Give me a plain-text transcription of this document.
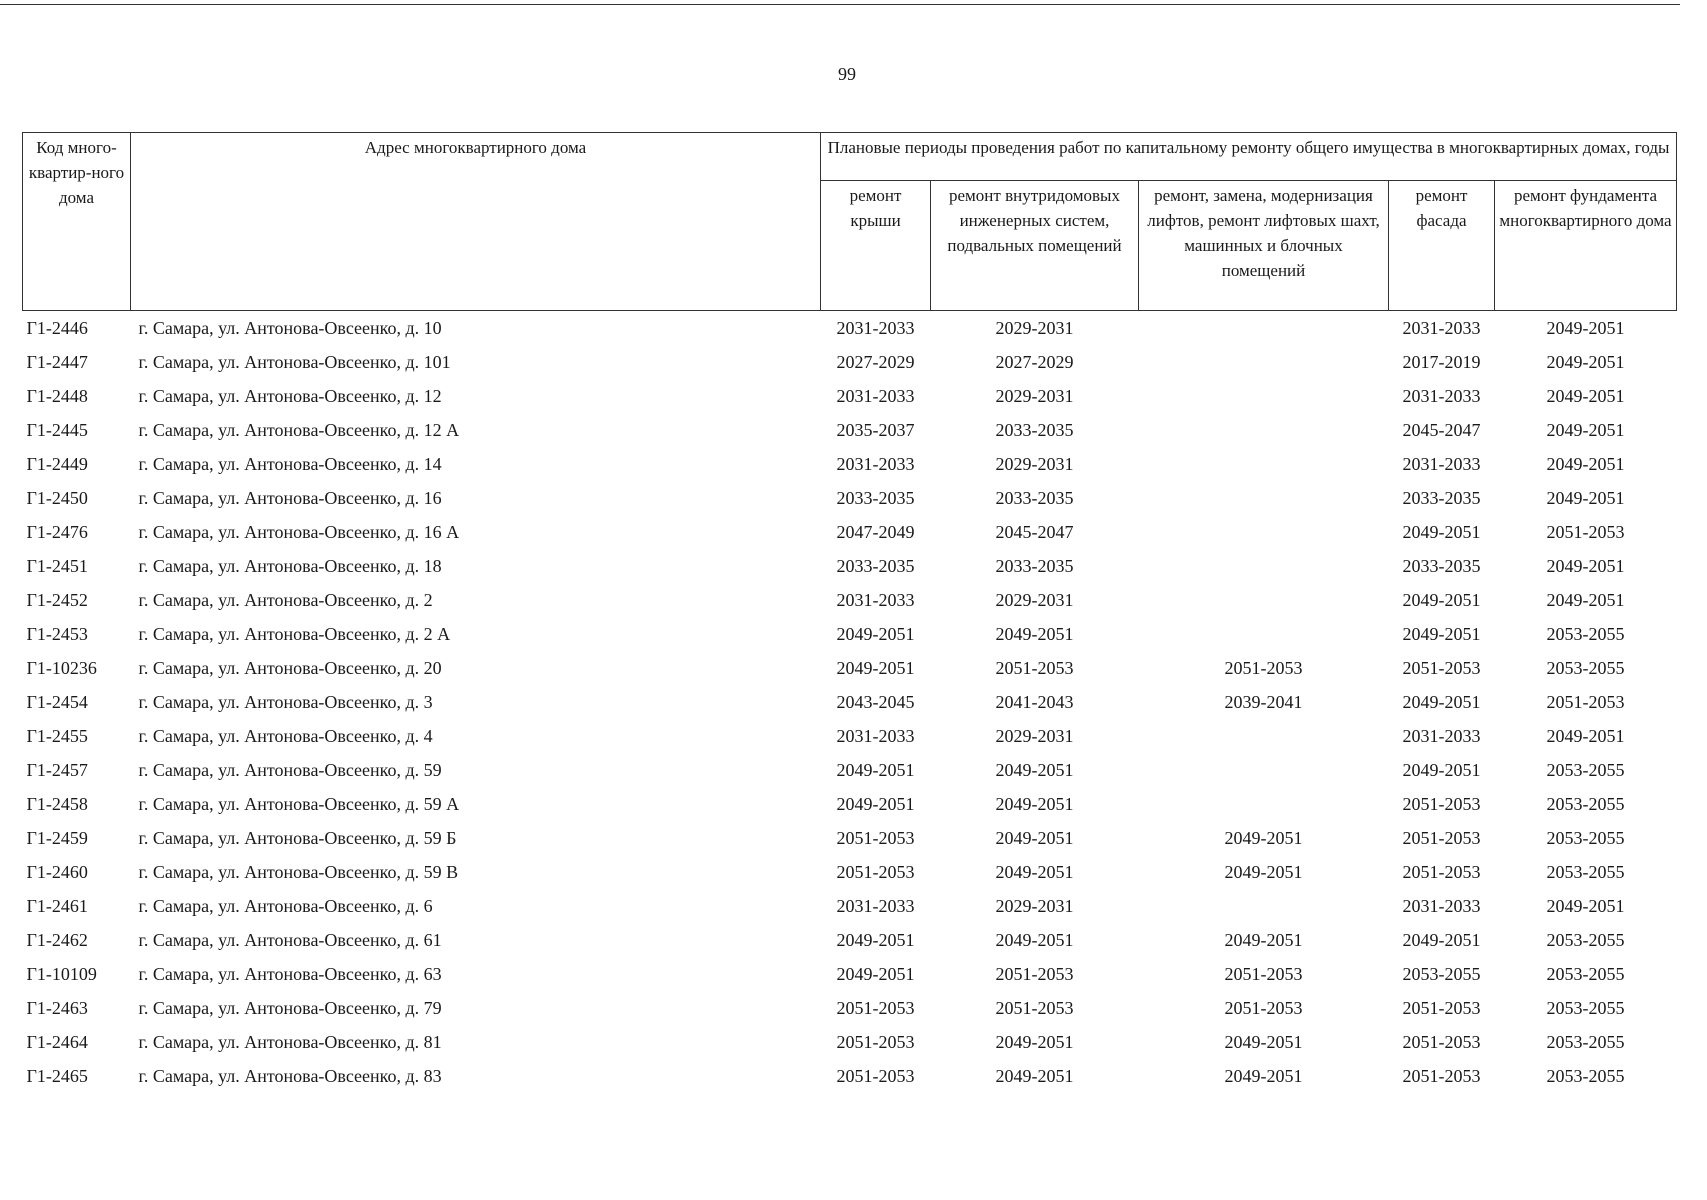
99
Код много-квартир-ного дома	Адрес многоквартирного дома	Плановые периоды проведения работ по капитальному ремонту общего имущества в многоквартирных домах, годы				
		ремонт крыши	ремонт внутридомовых инженерных систем, подвальных помещений	ремонт, замена, модернизация лифтов, ремонт лифтовых шахт, машинных и блочных помещений	ремонт фасада	ремонт фундамента многоквартирного дома
Г1-2446	г. Самара, ул. Антонова-Овсеенко, д. 10	2031-2033	2029-2031		2031-2033	2049-2051
Г1-2447	г. Самара, ул. Антонова-Овсеенко, д. 101	2027-2029	2027-2029		2017-2019	2049-2051
Г1-2448	г. Самара, ул. Антонова-Овсеенко, д. 12	2031-2033	2029-2031		2031-2033	2049-2051
Г1-2445	г. Самара, ул. Антонова-Овсеенко, д. 12 А	2035-2037	2033-2035		2045-2047	2049-2051
Г1-2449	г. Самара, ул. Антонова-Овсеенко, д. 14	2031-2033	2029-2031		2031-2033	2049-2051
Г1-2450	г. Самара, ул. Антонова-Овсеенко, д. 16	2033-2035	2033-2035		2033-2035	2049-2051
Г1-2476	г. Самара, ул. Антонова-Овсеенко, д. 16 А	2047-2049	2045-2047		2049-2051	2051-2053
Г1-2451	г. Самара, ул. Антонова-Овсеенко, д. 18	2033-2035	2033-2035		2033-2035	2049-2051
Г1-2452	г. Самара, ул. Антонова-Овсеенко, д. 2	2031-2033	2029-2031		2049-2051	2049-2051
Г1-2453	г. Самара, ул. Антонова-Овсеенко, д. 2 А	2049-2051	2049-2051		2049-2051	2053-2055
Г1-10236	г. Самара, ул. Антонова-Овсеенко, д. 20	2049-2051	2051-2053	2051-2053	2051-2053	2053-2055
Г1-2454	г. Самара, ул. Антонова-Овсеенко, д. 3	2043-2045	2041-2043	2039-2041	2049-2051	2051-2053
Г1-2455	г. Самара, ул. Антонова-Овсеенко, д. 4	2031-2033	2029-2031		2031-2033	2049-2051
Г1-2457	г. Самара, ул. Антонова-Овсеенко, д. 59	2049-2051	2049-2051		2049-2051	2053-2055
Г1-2458	г. Самара, ул. Антонова-Овсеенко, д. 59 А	2049-2051	2049-2051		2051-2053	2053-2055
Г1-2459	г. Самара, ул. Антонова-Овсеенко, д. 59 Б	2051-2053	2049-2051	2049-2051	2051-2053	2053-2055
Г1-2460	г. Самара, ул. Антонова-Овсеенко, д. 59 В	2051-2053	2049-2051	2049-2051	2051-2053	2053-2055
Г1-2461	г. Самара, ул. Антонова-Овсеенко, д. 6	2031-2033	2029-2031		2031-2033	2049-2051
Г1-2462	г. Самара, ул. Антонова-Овсеенко, д. 61	2049-2051	2049-2051	2049-2051	2049-2051	2053-2055
Г1-10109	г. Самара, ул. Антонова-Овсеенко, д. 63	2049-2051	2051-2053	2051-2053	2053-2055	2053-2055
Г1-2463	г. Самара, ул. Антонова-Овсеенко, д. 79	2051-2053	2051-2053	2051-2053	2051-2053	2053-2055
Г1-2464	г. Самара, ул. Антонова-Овсеенко, д. 81	2051-2053	2049-2051	2049-2051	2051-2053	2053-2055
Г1-2465	г. Самара, ул. Антонова-Овсеенко, д. 83	2051-2053	2049-2051	2049-2051	2051-2053	2053-2055
